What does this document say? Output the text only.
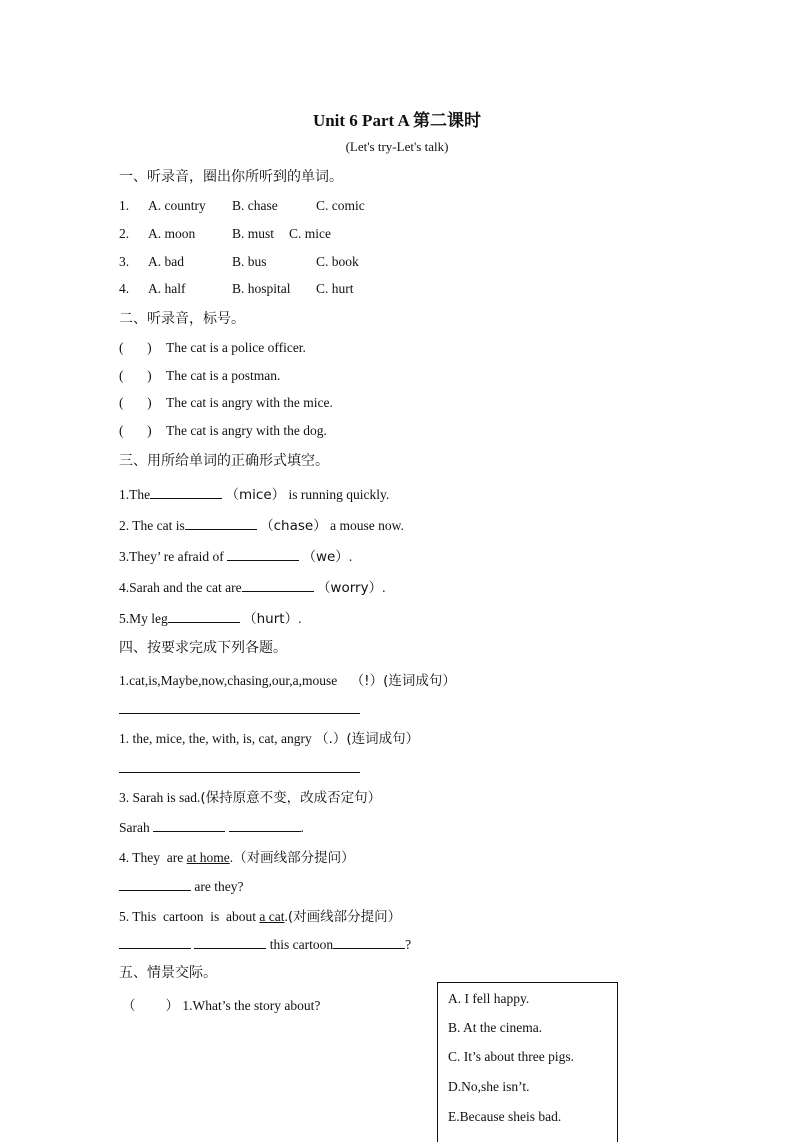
Unit 6 Part A 第二课时
(Let's try-Let's talk)
一、听录音，圈出你所听到的单词。
1. A. country B. chase	C. comic
2. A. moon	B. must C. mice
3. A. bad	B. bus	C. book
4. A. half	B. hospital C. hurt
二、听录音，标号。
(       ) The cat is a police officer.
(       ) The cat is a postman.
(       ) The cat is angry with the mice.
(       ) The cat is angry with the dog.
三、用所给单词的正确形式填空。
1.The	（mice） is running quickly.
2. The cat is	（chase） a mouse now.
3.They’ re afraid of	（we）.
4.Sarah and the cat are	（worry）.
5.My leg	（hurt）.
四、按要求完成下列各题。
1.cat,is,Maybe,now,chasing,our,a,mouse （!）(连词成句）
1. the, mice, the, with, is, cat, angry （.）(连词成句）
3. Sarah is sad.(保持原意不变，改成否定句）
Sarah	.
4. They  are at home.（对画线部分提问）
are they?
5. This  cartoon  is  about a cat.(对画线部分提问）
this cartoon	?
五、情景交际。
（       ） 1.What’s the story about?	A. I fell happy.
B. At the cinema.
C. It’s about three pigs.
D.No,she isn’t.
E.Because sheis bad.
